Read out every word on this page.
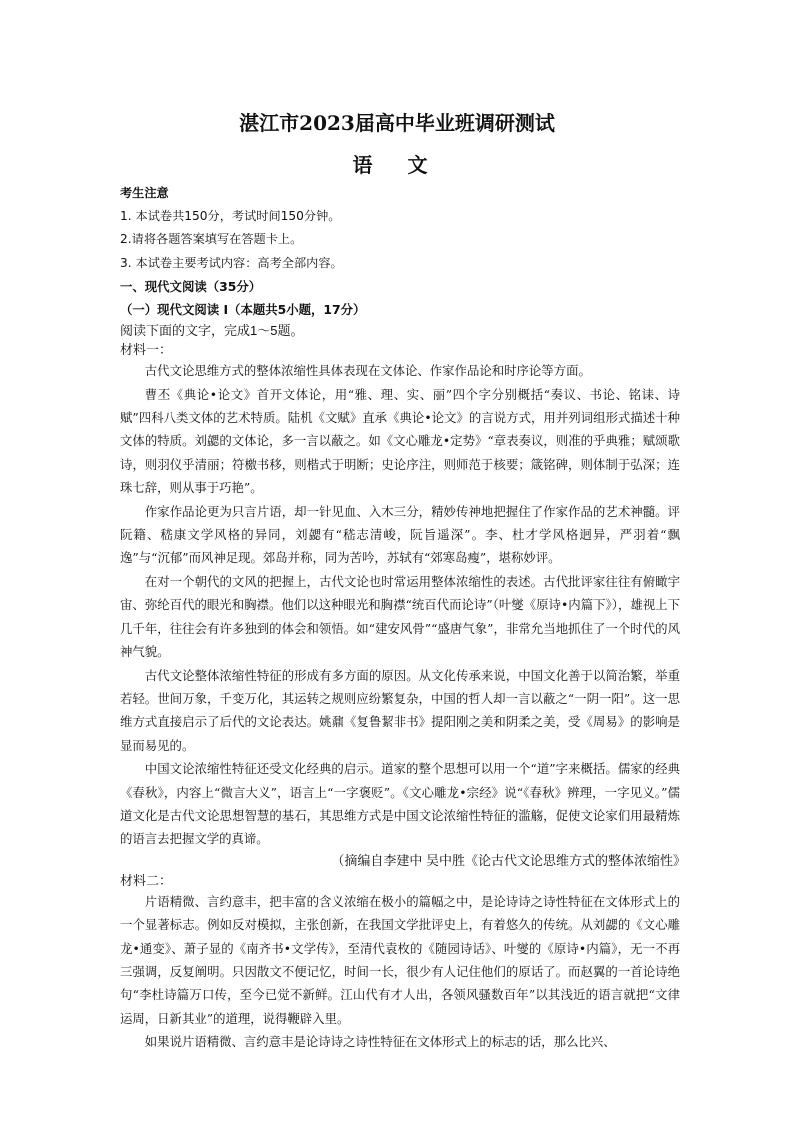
湛江市2023届高中毕业班调研测试
语 文
考生注意
1. 本试卷共150分，考试时间150分钟。
2.请将各题答案填写在答题卡上。
3. 本试卷主要考试内容：高考全部内容。
一、现代文阅读（35分）
（一）现代文阅读 I（本题共5小题，17分）
阅读下面的文字，完成1～5题。
材料一：

古代文论思维方式的整体浓缩性具体表现在文体论、作家作品论和时序论等方面。

曹丕《典论•论文》首开文体论，用“雅、理、实、丽”四个字分别概括“奏议、书论、铭诔、诗赋”四科八类文体的艺术特质。陆机《文赋》直承《典论•论文》的言说方式，用并列词组形式描述十种文体的特质。刘勰的文体论，多一言以蔽之。如《文心雕龙•定势》“章表奏议，则准的乎典雅；赋颂歌诗，则羽仪乎清丽；符檄书移，则楷式于明断；史论序注，则师范于核要；箴铭碑，则体制于弘深；连珠七辞，则从事于巧艳”。

作家作品论更为只言片语，却一针见血、入木三分，精妙传神地把握住了作家作品的艺术神髓。评阮籍、嵇康文学风格的异同，刘勰有“嵇志清峻，阮旨遥深”。李、杜才学风格迥异，严羽着“飘逸”与“沉郁”而风神足现。郊岛并称，同为苦吟，苏轼有“郊寒岛瘦”，堪称妙评。

在对一个朝代的文风的把握上，古代文论也时常运用整体浓缩性的表述。古代批评家往往有俯瞰宇宙、弥纶百代的眼光和胸襟。他们以这种眼光和胸襟“统百代而论诗”（叶燮《原诗•内篇下》），雄视上下几千年，往往会有许多独到的体会和领悟。如“建安风骨”“盛唐气象”，非常允当地抓住了一个时代的风神气貌。

古代文论整体浓缩性特征的形成有多方面的原因。从文化传承来说，中国文化善于以简治繁，举重若轻。世间万象，千变万化，其运转之规则应纷繁复杂，中国的哲人却一言以蔽之“一阴一阳”。这一思维方式直接启示了后代的文论表达。姚鼐《复鲁絜非书》提阳刚之美和阴柔之美，受《周易》的影响是显而易见的。

中国文论浓缩性特征还受文化经典的启示。道家的整个思想可以用一个“道”字来概括。儒家的经典《春秋》，内容上“微言大义”，语言上“一字褒贬”。《文心雕龙•宗经》说“《春秋》辨理，一字见义。”儒道文化是古代文论思想智慧的基石，其思维方式是中国文论浓缩性特征的滥觞，促使文论家们用最精炼的语言去把握文学的真谛。

（摘编自李建中 吴中胜《论古代文论思维方式的整体浓缩性》
材料二：

片语精微、言约意丰，把丰富的含义浓缩在极小的篇幅之中，是论诗诗之诗性特征在文体形式上的一个显著标志。例如反对模拟，主张创新，在我国文学批评史上，有着悠久的传统。从刘勰的《文心雕龙•通变》、萧子显的《南齐书•文学传》，至清代袁枚的《随园诗话》、叶燮的《原诗•内篇》，无一不再三强调，反复阐明。只因散文不便记忆，时间一长，很少有人记住他们的原话了。而赵翼的一首论诗绝句“李杜诗篇万口传，至今已觉不新鲜。江山代有才人出，各领风骚数百年”以其浅近的语言就把“文律运周，日新其业”的道理，说得鞭辟入里。

如果说片语精微、言约意丰是论诗诗之诗性特征在文体形式上的标志的话，那么比兴、
